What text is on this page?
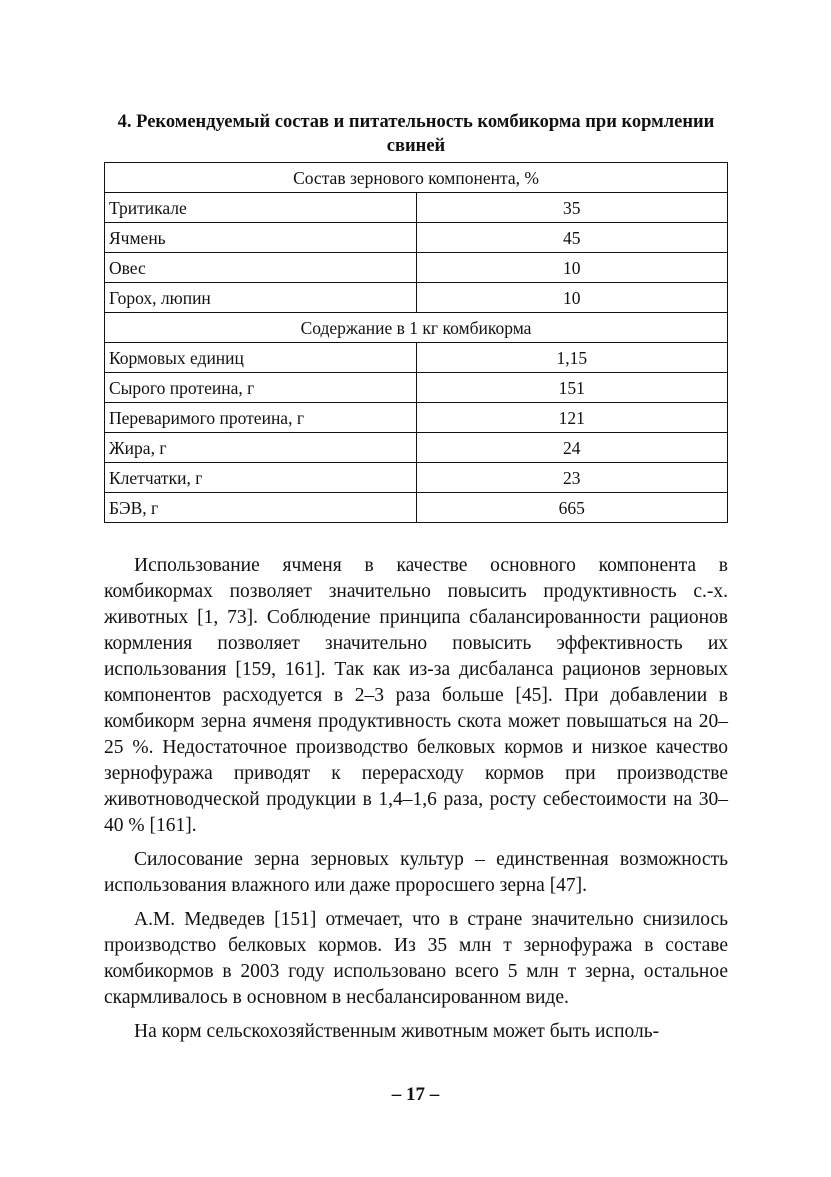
4. Рекомендуемый состав и питательность комбикорма при кормлении свиней
Состав зернового компонента, %	
Тритикале	35
Ячмень	45
Овес	10
Горох, люпин	10
Содержание в 1 кг комбикорма	
Кормовых единиц	1,15
Сырого протеина, г	151
Переваримого протеина, г	121
Жира, г	24
Клетчатки, г	23
БЭВ, г	665

Использование ячменя в качестве основного компонента в комбикормах позволяет значительно повысить продуктивность с.-х. животных [1, 73]. Соблюдение принципа сбалансированности рационов кормления позволяет значительно повысить эффективность их использования [159, 161]. Так как из-за дисбаланса рационов зерновых компонентов расходуется в 2–3 раза больше [45]. При добавлении в комбикорм зерна ячменя продуктивность скота может повышаться на 20–25 %. Недостаточное производство белковых кормов и низкое качество зернофуража приводят к перерасходу кормов при производстве животноводческой продукции в 1,4–1,6 раза, росту себестоимости на 30–40 % [161].

Силосование зерна зерновых культур – единственная возможность использования влажного или даже проросшего зерна [47].

А.М. Медведев [151] отмечает, что в стране значительно снизилось производство белковых кормов. Из 35 млн т зернофуража в составе комбикормов в 2003 году использовано всего 5 млн т зерна, остальное скармливалось в основном в несбалансированном виде.

На корм сельскохозяйственным животным может быть исполь-

– 17 –
